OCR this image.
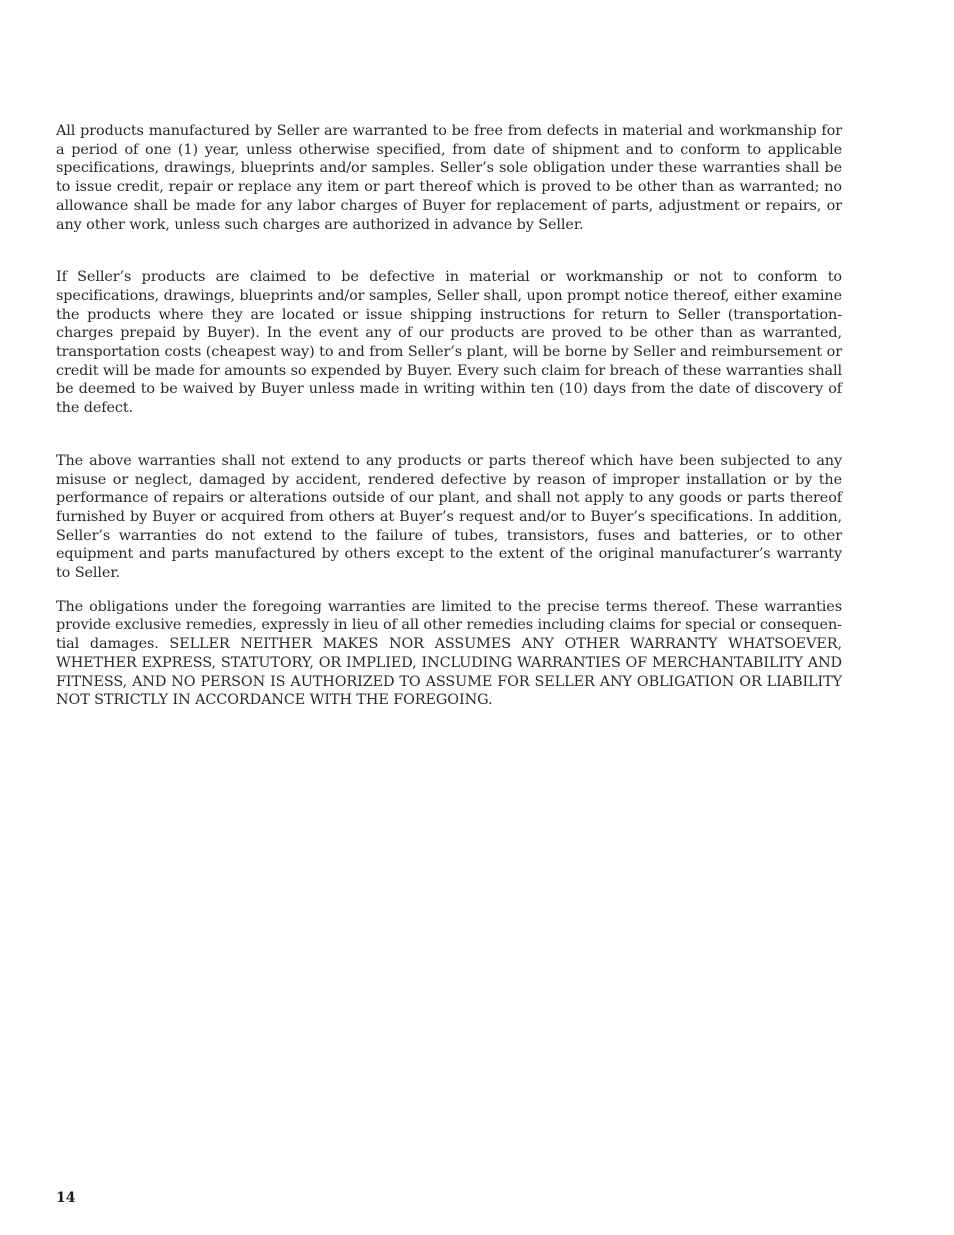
All products manufactured by Seller are warranted to be free from defects in material and workmanship for a period of one (1) year, unless otherwise specified, from date of shipment and to conform to applicable specifications, drawings, blueprints and/or samples. Seller’s sole obligation under these warranties shall be to issue credit, repair or replace any item or part thereof which is proved to be other than as warranted; no allowance shall be made for any labor charges of Buyer for replacement of parts, adjustment or repairs, or any other work, unless such charges are authorized in advance by Seller.

If Seller’s products are claimed to be defective in material or workmanship or not to conform to specifications, drawings, blueprints and/or samples, Seller shall, upon prompt notice thereof, either examine the products where they are located or issue shipping instructions for return to Seller (transportation-charges prepaid by Buyer). In the event any of our products are proved to be other than as warranted, transportation costs (cheapest way) to and from Seller’s plant, will be borne by Seller and reimbursement or credit will be made for amounts so expended by Buyer. Every such claim for breach of these warranties shall be deemed to be waived by Buyer unless made in writing within ten (10) days from the date of discovery of the defect.

The above warranties shall not extend to any products or parts thereof which have been subjected to any misuse or neglect, damaged by accident, rendered defective by reason of improper installation or by the performance of repairs or alterations outside of our plant, and shall not apply to any goods or parts thereof furnished by Buyer or acquired from others at Buyer’s request and/or to Buyer’s specifications. In addition, Seller’s warranties do not extend to the failure of tubes, transistors, fuses and batteries, or to other equipment and parts manufactured by others except to the extent of the original manufacturer’s warranty to Seller.

The obligations under the foregoing warranties are limited to the precise terms thereof. These warranties provide exclusive remedies, expressly in lieu of all other remedies including claims for special or consequential damages. SELLER NEITHER MAKES NOR ASSUMES ANY OTHER WARRANTY WHATSOEVER, WHETHER EXPRESS, STATUTORY, OR IMPLIED, INCLUDING WARRANTIES OF MERCHANTABILITY AND FITNESS, AND NO PERSON IS AUTHORIZED TO ASSUME FOR SELLER ANY OBLIGATION OR LIABILITY NOT STRICTLY IN ACCORDANCE WITH THE FOREGOING.

14
